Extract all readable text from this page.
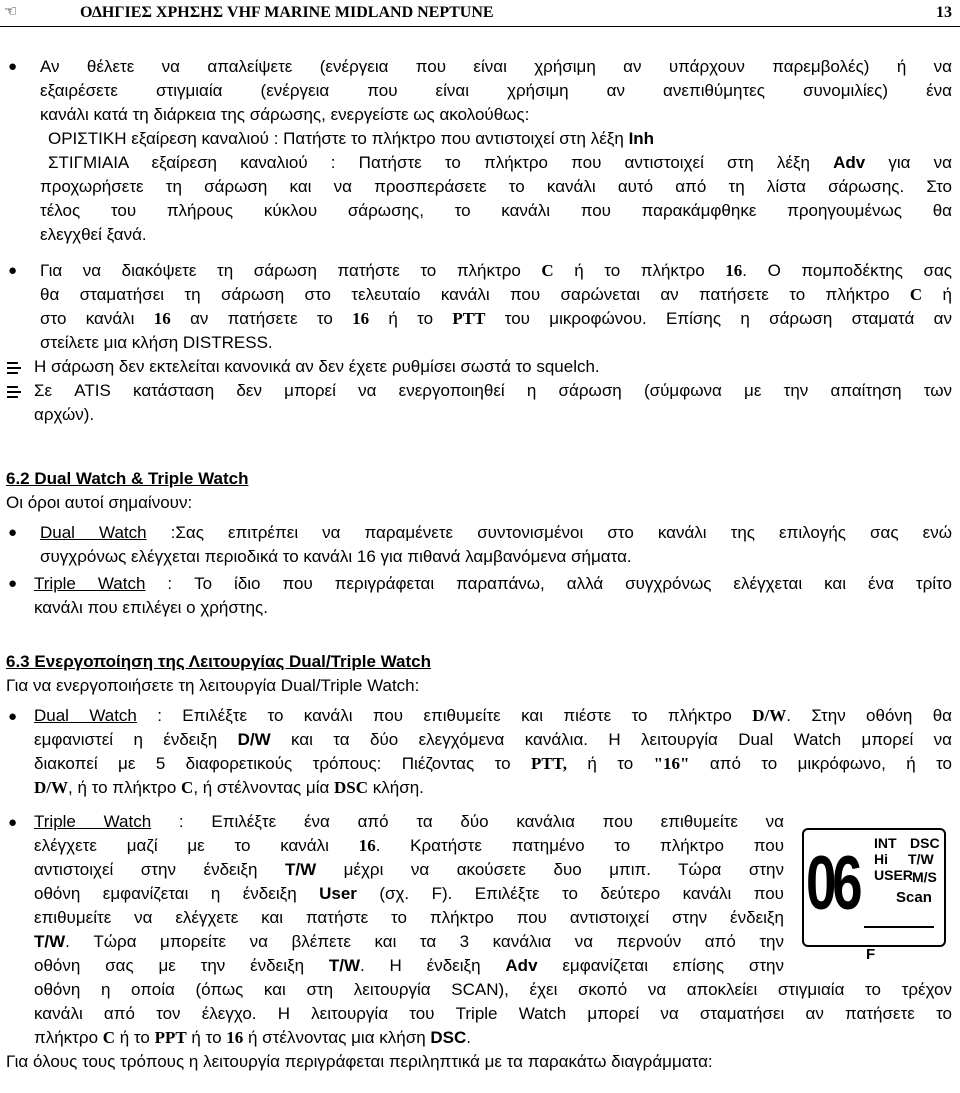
☜	ΟΔΗΓΙΕΣ ΧΡΗΣΗΣ VHF MARINE MIDLAND NEPTUNE	13
● Αν θέλετε να απαλείψετε (ενέργεια που είναι χρήσιμη αν υπάρχουν παρεμβολές) ή να
εξαιρέσετε στιγμιαία (ενέργεια που είναι χρήσιμη αν ανεπιθύμητες συνομιλίες) ένα
κανάλι κατά τη διάρκεια της σάρωσης, ενεργείστε ως ακολούθως:
ΟΡΙΣΤΙΚΗ εξαίρεση καναλιού : Πατήστε το πλήκτρο που αντιστοιχεί στη λέξη Inh
ΣΤΙΓΜΙΑΙΑ εξαίρεση καναλιού : Πατήστε το πλήκτρο που αντιστοιχεί στη λέξη Adv για να
προχωρήσετε τη σάρωση και να προσπεράσετε το κανάλι αυτό από τη λίστα σάρωσης. Στο
τέλος του πλήρους κύκλου σάρωσης, το κανάλι που παρακάμφθηκε προηγουμένως θα
ελεγχθεί ξανά.
● Για να διακόψετε τη σάρωση πατήστε το πλήκτρο C ή το πλήκτρο 16. Ο πομποδέκτης σας
θα σταματήσει τη σάρωση στο τελευταίο κανάλι που σαρώνεται αν πατήσετε το πλήκτρο C ή
στο κανάλι 16 αν πατήσετε το 16 ή το PTT του μικροφώνου. Επίσης η σάρωση σταματά αν
στείλετε μια κλήση DISTRESS.
Η σάρωση δεν εκτελείται κανονικά αν δεν έχετε ρυθμίσει σωστά το squelch.
Σε ATIS κατάσταση δεν μπορεί να ενεργοποιηθεί η σάρωση (σύμφωνα με την απαίτηση των
αρχών).
6.2 Dual Watch & Triple Watch
Οι όροι αυτοί σημαίνουν:
● Dual Watch :Σας επιτρέπει να παραμένετε συντονισμένοι στο κανάλι της επιλογής σας ενώ
συγχρόνως ελέγχεται περιοδικά το κανάλι 16 για πιθανά λαμβανόμενα σήματα.
● Triple Watch : Το ίδιο που περιγράφεται παραπάνω, αλλά συγχρόνως ελέγχεται και ένα τρίτο
κανάλι που επιλέγει ο χρήστης.
6.3 Ενεργοποίηση της Λειτουργίας Dual/Triple Watch
Για να ενεργοποιήσετε τη λειτουργία Dual/Triple Watch:
● Dual Watch : Επιλέξτε το κανάλι που επιθυμείτε και πιέστε το πλήκτρο D/W. Στην οθόνη θα
εμφανιστεί η ένδειξη D/W και τα δύο ελεγχόμενα κανάλια. Η λειτουργία Dual Watch μπορεί να
διακοπεί με 5 διαφορετικούς τρόπους: Πιέζοντας το PTT, ή το "16" από το μικρόφωνο, ή το
D/W, ή το πλήκτρο C, ή στέλνοντας μία DSC κλήση.
● Triple Watch : Επιλέξτε ένα από τα δύο κανάλια που επιθυμείτε να
ελέγχετε μαζί με το κανάλι 16. Κρατήστε πατημένο το πλήκτρο που
αντιστοιχεί στην ένδειξη T/W μέχρι να ακούσετε δυο μπιπ. Τώρα στην
οθόνη εμφανίζεται η ένδειξη User (σχ. F). Επιλέξτε το δεύτερο κανάλι που
επιθυμείτε να ελέγχετε και πατήστε το πλήκτρο που αντιστοιχεί στην ένδειξη
T/W. Τώρα μπορείτε να βλέπετε και τα 3 κανάλια να περνούν από την
οθόνη σας με την ένδειξη T/W. Η ένδειξη Adv εμφανίζεται επίσης στην
οθόνη η οποία (όπως και στη λειτουργία SCAN), έχει σκοπό να αποκλείει στιγμιαία το τρέχον
κανάλι από τον έλεγχο. Η λειτουργία του Triple Watch μπορεί να σταματήσει αν πατήσετε το
πλήκτρο C ή το PPT ή το 16 ή στέλνοντας μια κλήση DSC.
Για όλους τους τρόπους η λειτουργία περιγράφεται περιληπτικά με τα παρακάτω διαγράμματα:
06 INT DSC
Hi T/W
USER M/S
Scan
F
